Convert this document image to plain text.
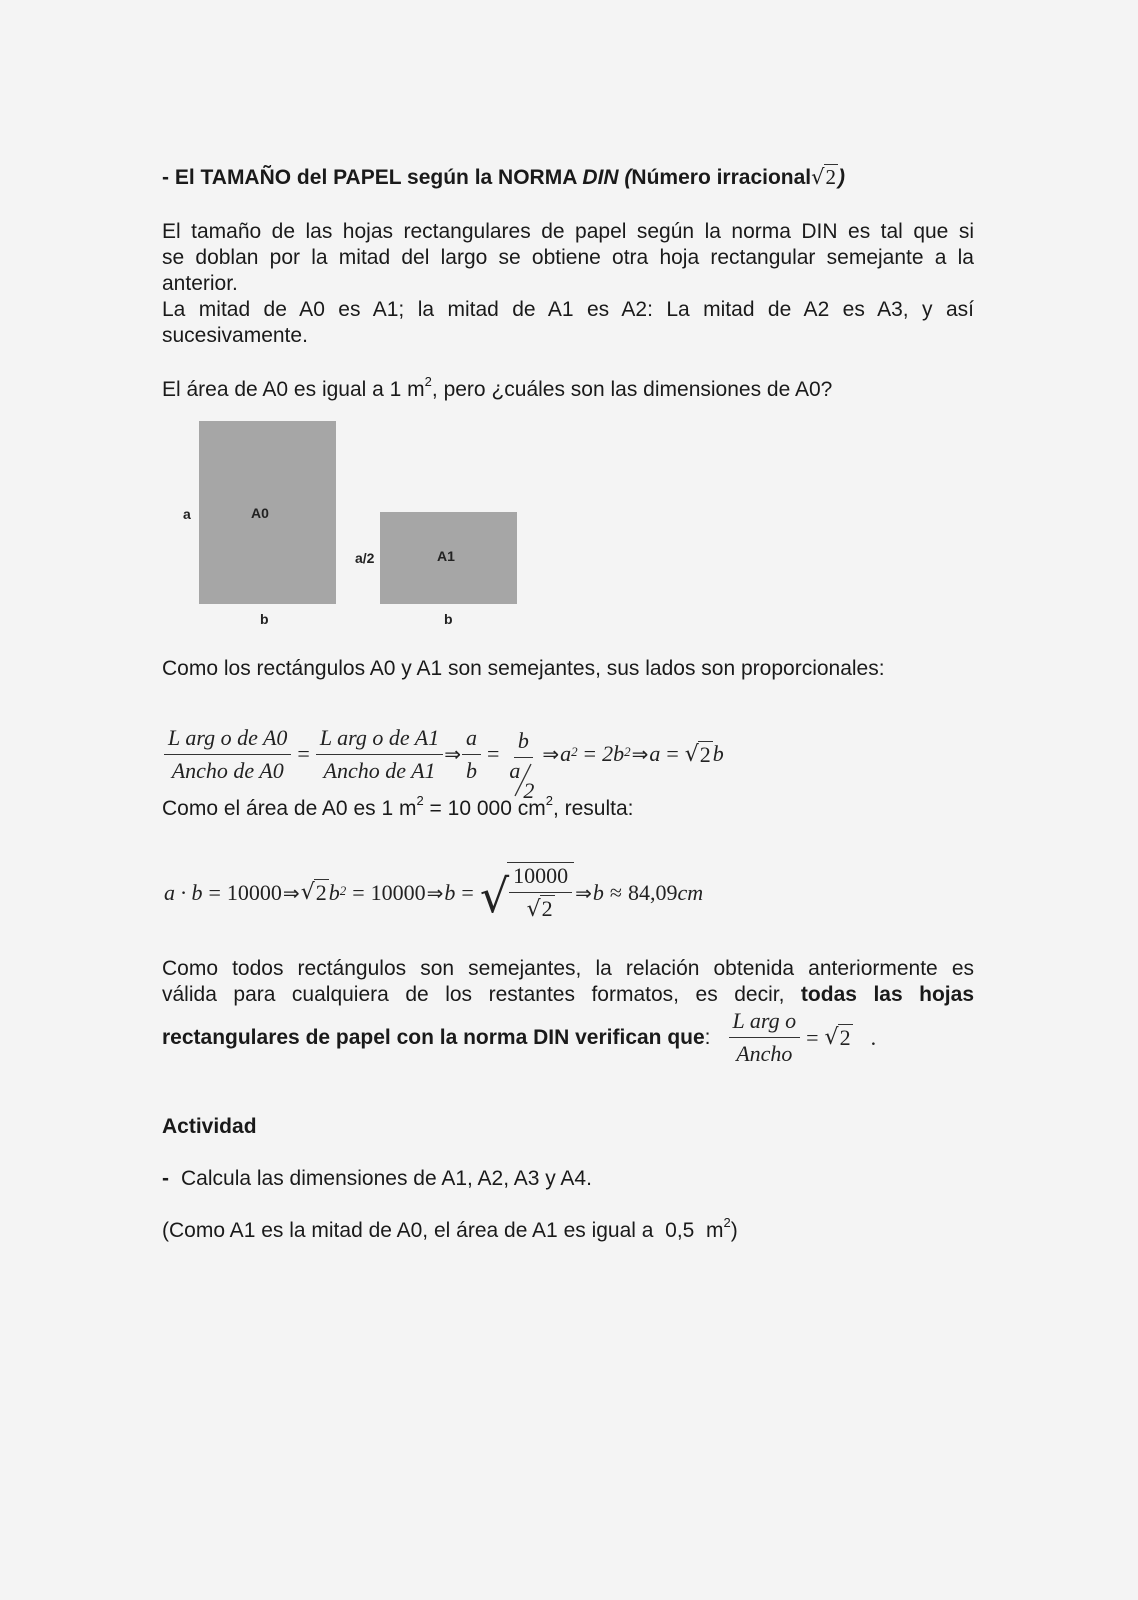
- El TAMAÑO del PAPEL según la NORMA DIN (Número irracional√2)
El tamaño de las hojas rectangulares de papel según la norma DIN es tal que si
se doblan por la mitad del largo se obtiene otra hoja rectangular semejante a la
anterior.
La mitad de A0 es A1; la mitad de A1 es A2: La mitad de A2 es A3, y así
sucesivamente.
El área de A0 es igual a 1 $m^2$, pero ¿cuáles son las dimensiones de A0?
A0
a
b
A1
a/2
b
Como los rectángulos A0 y A1 son semejantes, sus lados son proporcionales:
$\frac{\text{L arg o de A0}}{\text{Ancho de A0}} = \frac{\text{L arg o de A1}}{\text{Ancho de A1}}$ ⇒ $\frac{a}{b} = b$
a
2 ⇒ $a^2 = 2b^2$ ⇒ a = √ 2 b
Como el área de A0 es 1 $m^2 = 10$ 000 $cm^2$, resulta:
a · b = 10000 ⇒ √ 2 $b^2 = 10000$ ⇒ b = √ $\frac{10000}{√2}$ ⇒ b ≈ 84,09 cm
Como todos rectángulos son semejantes, la relación obtenida anteriormente es
válida para cualquiera de los restantes formatos, es decir, todas las hojas
rectangulares de papel con la norma DIN verifican que : $\frac{\text{L arg o}}{\text{Ancho}}$ = √ 2 .
Actividad
- Calcula las dimensiones de A1, A2, A3 y A4.
(Como A1 es la mitad de A0, el área de A1 es igual a  0,5  $m^2$)
